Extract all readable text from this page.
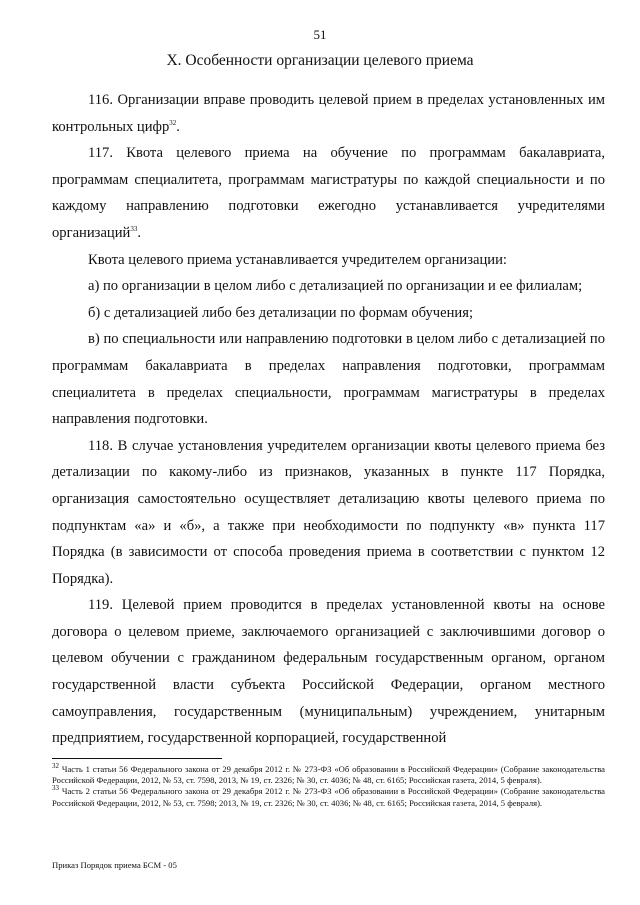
51
X. Особенности организации целевого приема

116. Организации вправе проводить целевой прием в пределах установленных им контрольных цифр$^{32}$.

117. Квота целевого приема на обучение по программам бакалавриата, программам специалитета, программам магистратуры по каждой специальности и по каждому направлению подготовки ежегодно устанавливается учредителями организаций$^{33}$.

Квота целевого приема устанавливается учредителем организации:

а) по организации в целом либо с детализацией по организации и ее филиалам;

б) с детализацией либо без детализации по формам обучения;

в) по специальности или направлению подготовки в целом либо с детализацией по программам бакалавриата в пределах направления подготовки, программам специалитета в пределах специальности, программам магистратуры в пределах направления подготовки.

118. В случае установления учредителем организации квоты целевого приема без детализации по какому-либо из признаков, указанных в пункте 117 Порядка, организация самостоятельно осуществляет детализацию квоты целевого приема по подпунктам «а» и «б», а также при необходимости по подпункту «в» пункта 117 Порядка (в зависимости от способа проведения приема в соответствии с пунктом 12 Порядка).

119. Целевой прием проводится в пределах установленной квоты на основе договора о целевом приеме, заключаемого организацией с заключившими договор о целевом обучении с гражданином федеральным государственным органом, органом государственной власти субъекта Российской Федерации, органом местного самоуправления, государственным (муниципальным) учреждением, унитарным предприятием, государственной корпорацией, государственной

$^{32}$ Часть 1 статьи 56 Федерального закона от 29 декабря 2012 г. № 273-ФЗ «Об образовании в Российской Федерации» (Собрание законодательства Российской Федерации, 2012, № 53, ст. 7598, 2013, № 19, ст. 2326; № 30, ст. 4036; № 48, ст. 6165; Российская газета, 2014, 5 февраля).

$^{33}$ Часть 2 статьи 56 Федерального закона от 29 декабря 2012 г. № 273-ФЗ «Об образовании в Российской Федерации» (Собрание законодательства Российской Федерации, 2012, № 53, ст. 7598; 2013, № 19, ст. 2326; № 30, ст. 4036; № 48, ст. 6165; Российская газета, 2014, 5 февраля).

Приказ Порядок приема БСМ - 05
